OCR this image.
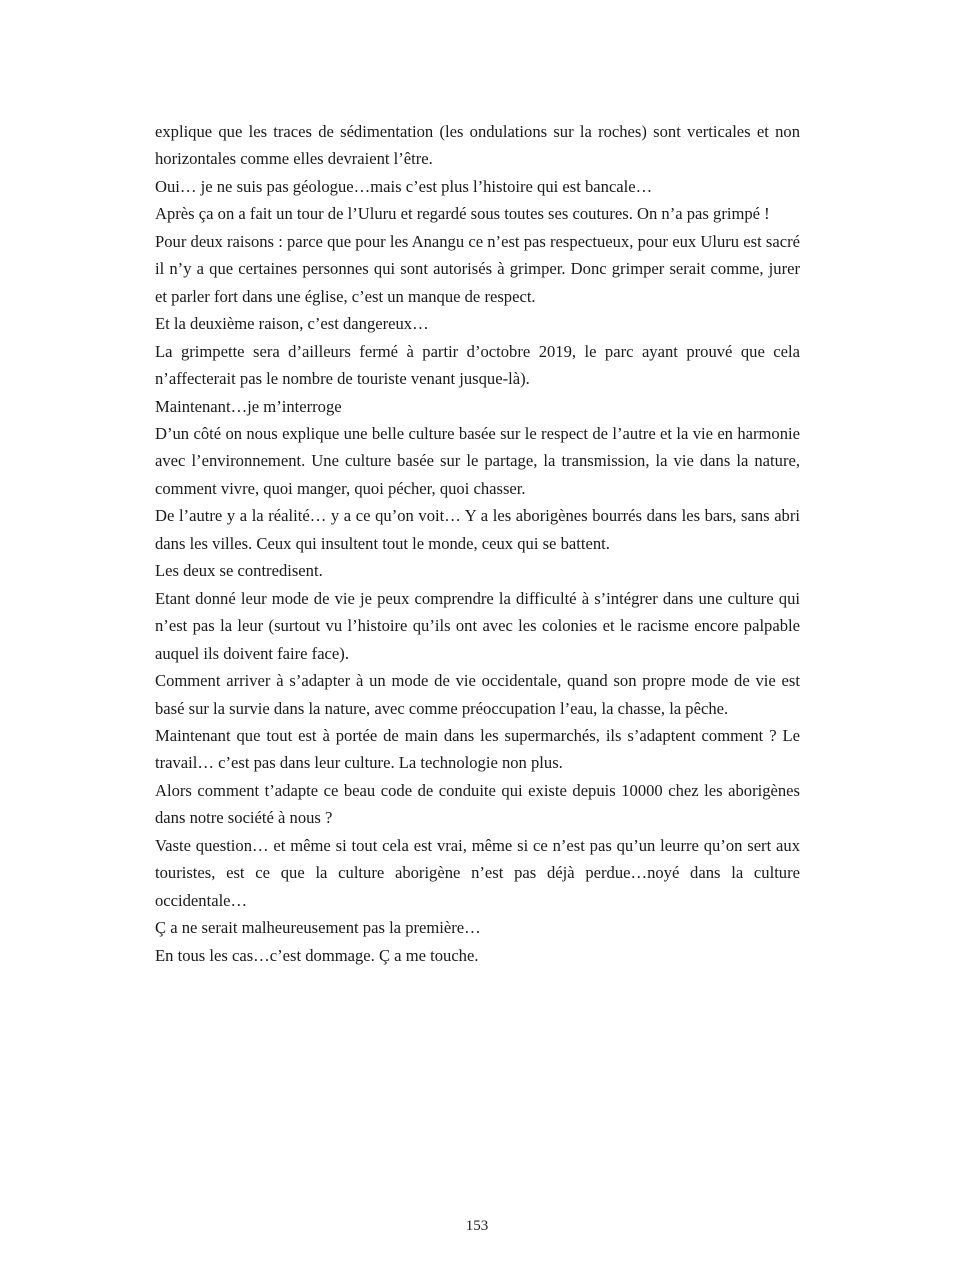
explique que les traces de sédimentation (les ondulations sur la roches) sont verticales et non horizontales comme elles devraient l’être.

Oui… je ne suis pas géologue…mais c’est plus l’histoire qui est bancale…

Après ça on a fait un tour de l’Uluru et regardé sous toutes ses coutures. On n’a pas grimpé !

Pour deux raisons : parce que pour les Anangu ce n’est pas respectueux, pour eux Uluru est sacré il n’y a que certaines personnes qui sont autorisés à grimper. Donc grimper serait comme, jurer et parler fort dans une église, c’est un manque de respect.

Et la deuxième raison, c’est dangereux…

La grimpette sera d’ailleurs fermé à partir d’octobre 2019, le parc ayant prouvé que cela n’affecterait pas le nombre de touriste venant jusque-là).

Maintenant…je m’interroge

D’un côté on nous explique une belle culture basée sur le respect de l’autre et la vie en harmonie avec l’environnement. Une culture basée sur le partage, la transmission, la vie dans la nature, comment vivre, quoi manger, quoi pécher, quoi chasser.

De l’autre y a la réalité… y a ce qu’on voit… Y a les aborigènes bourrés dans les bars, sans abri dans les villes. Ceux qui insultent tout le monde, ceux qui se battent.

Les deux se contredisent.

Etant donné leur mode de vie je peux comprendre la difficulté à s’intégrer dans une culture qui n’est pas la leur (surtout vu l’histoire qu’ils ont avec les colonies et le racisme encore palpable auquel ils doivent faire face).

Comment arriver à s’adapter à un mode de vie occidentale, quand son propre mode de vie est basé sur la survie dans la nature, avec comme préoccupation l’eau, la chasse, la pêche.

Maintenant que tout est à portée de main dans les supermarchés, ils s’adaptent comment ? Le travail… c’est pas dans leur culture. La technologie non plus.

Alors comment t’adapte ce beau code de conduite qui existe depuis 10000 chez les aborigènes dans notre société à nous ?

Vaste question… et même si tout cela est vrai, même si ce n’est pas qu’un leurre qu’on sert aux touristes, est ce que la culture aborigène n’est pas déjà perdue…noyé dans la culture occidentale…

Ç a ne serait malheureusement pas la première…

En tous les cas…c’est dommage. Ç a me touche.

153
